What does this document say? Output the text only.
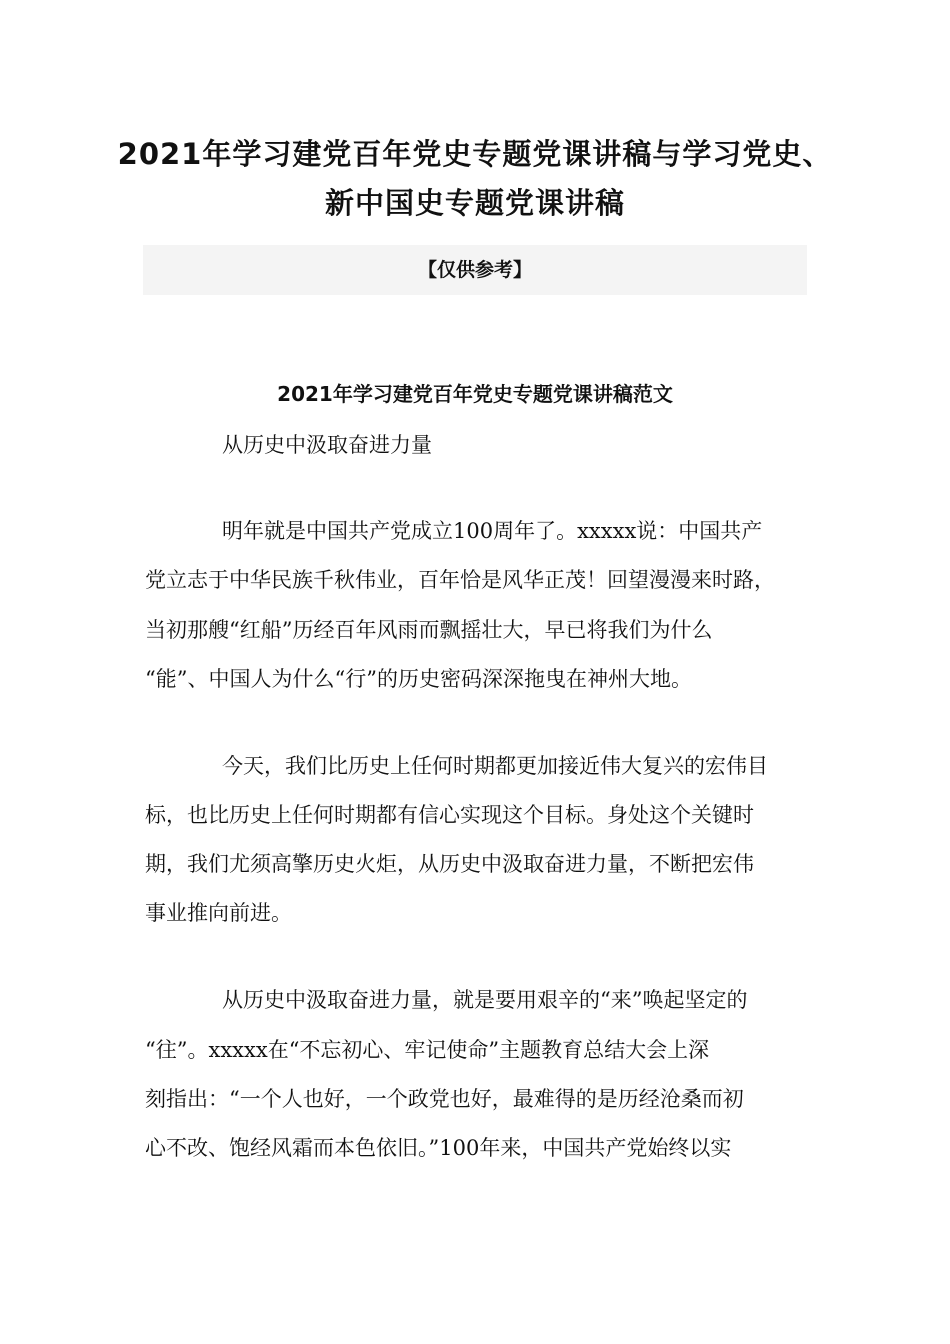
2021年学习建党百年党史专题党课讲稿与学习党史、
新中国史专题党课讲稿
【仅供参考】
2021年学习建党百年党史专题党课讲稿范文
从历史中汲取奋进力量
明年就是中国共产党成立100周年了。xxxxx说：中国共产
党立志于中华民族千秋伟业，百年恰是风华正茂！回望漫漫来时路，
当初那艘“红船”历经百年风雨而飘摇壮大，早已将我们为什么
“能”、中国人为什么“行”的历史密码深深拖曳在神州大地。
今天，我们比历史上任何时期都更加接近伟大复兴的宏伟目
标，也比历史上任何时期都有信心实现这个目标。身处这个关键时
期，我们尤须高擎历史火炬，从历史中汲取奋进力量，不断把宏伟
事业推向前进。
从历史中汲取奋进力量，就是要用艰辛的“来”唤起坚定的
“往”。xxxxx在“不忘初心、牢记使命”主题教育总结大会上深
刻指出：“一个人也好，一个政党也好，最难得的是历经沧桑而初
心不改、饱经风霜而本色依旧。”100年来，中国共产党始终以实
